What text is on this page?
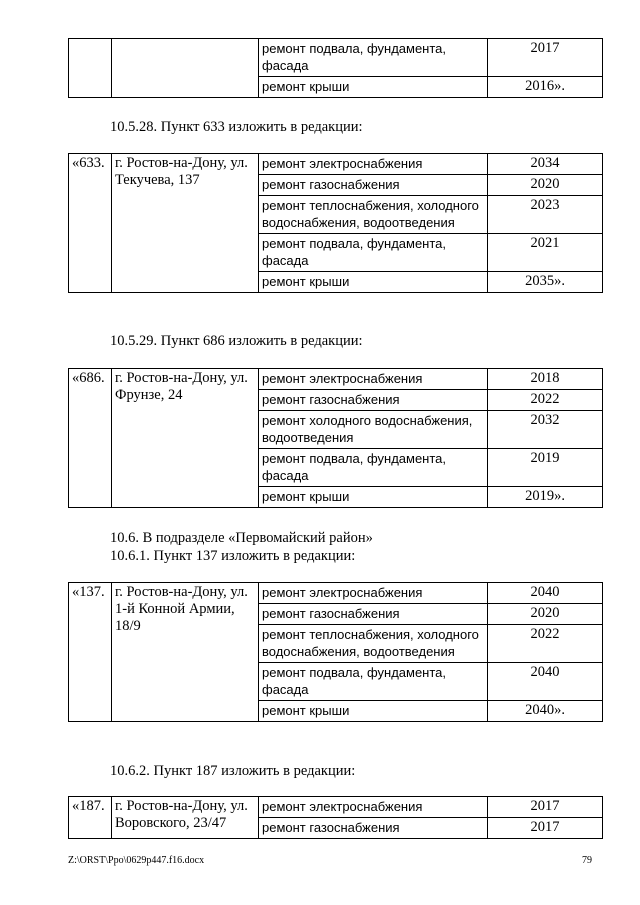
		ремонт подвала, фундамента, фасада	2017
		ремонт крыши	2016».
10.5.28. Пункт 633 изложить в редакции:
«633.	г. Ростов-на-Дону, ул. Текучева, 137	ремонт электроснабжения	2034
		ремонт газоснабжения	2020
		ремонт теплоснабжения, холодного водоснабжения, водоотведения	2023
		ремонт подвала, фундамента, фасада	2021
		ремонт крыши	2035».
10.5.29. Пункт 686 изложить в редакции:
«686.	г. Ростов-на-Дону, ул. Фрунзе, 24	ремонт электроснабжения	2018
		ремонт газоснабжения	2022
		ремонт холодного водоснабжения, водоотведения	2032
		ремонт подвала, фундамента, фасада	2019
		ремонт крыши	2019».
10.6. В подразделе «Первомайский район»
10.6.1. Пункт 137 изложить в редакции:
«137.	г. Ростов-на-Дону, ул. 1-й Конной Армии, 18/9	ремонт электроснабжения	2040
		ремонт газоснабжения	2020
		ремонт теплоснабжения, холодного водоснабжения, водоотведения	2022
		ремонт подвала, фундамента, фасада	2040
		ремонт крыши	2040».
10.6.2. Пункт 187 изложить в редакции:
«187.	г. Ростов-на-Дону, ул. Воровского, 23/47	ремонт электроснабжения	2017
		ремонт газоснабжения	2017
Z:\ORST\Ppo\0629p447.f16.docx	79
